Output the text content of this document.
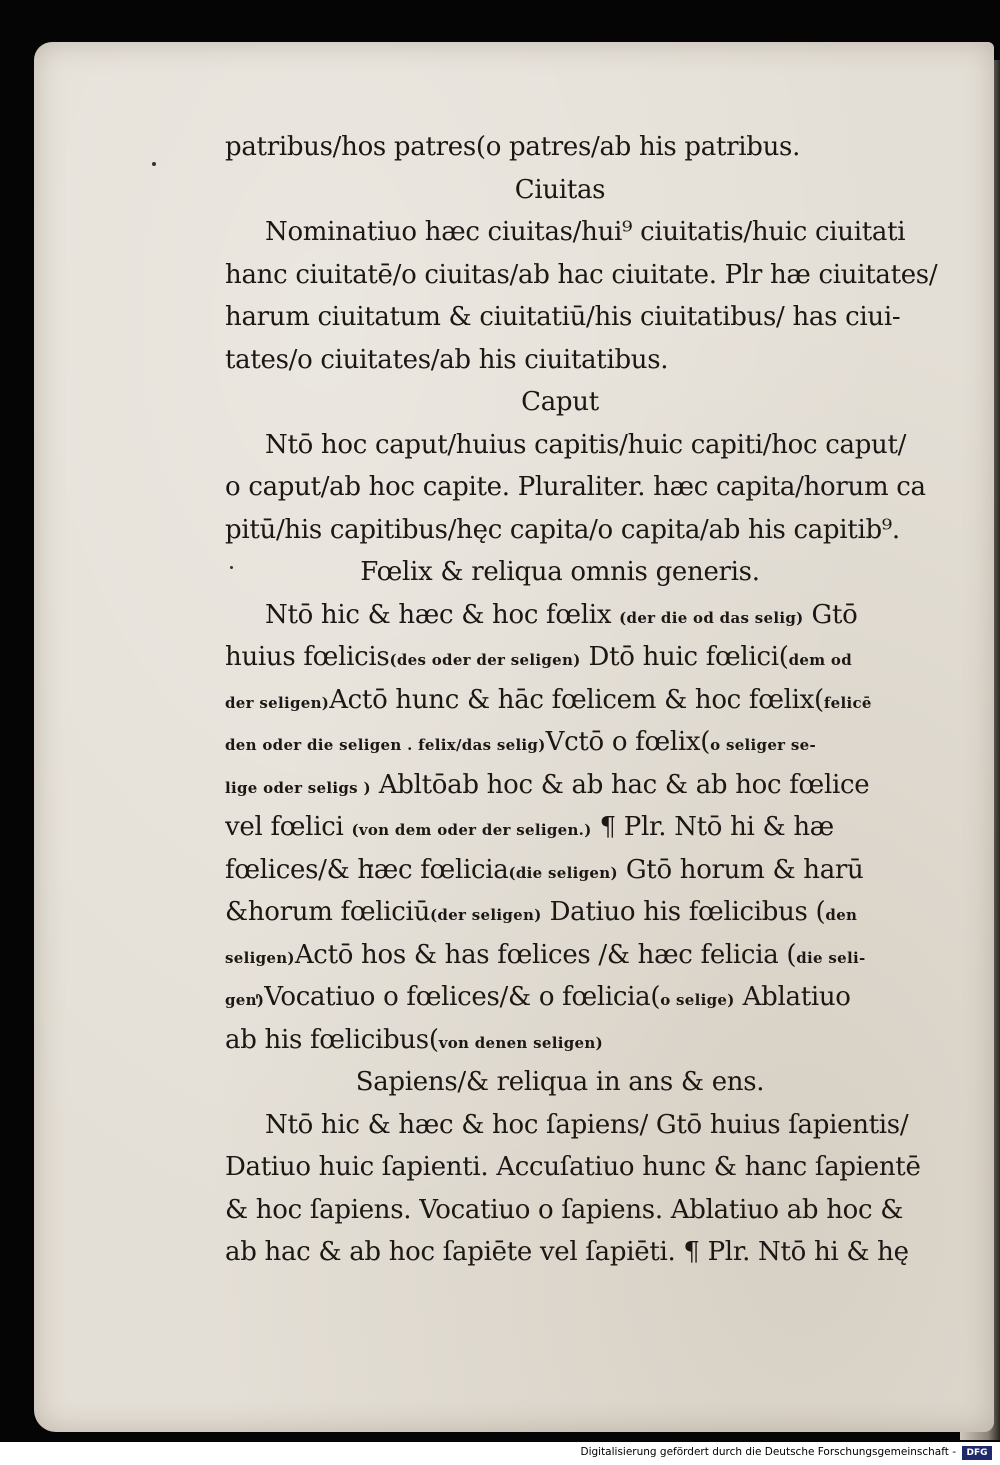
patribus/hos patres(o patres/ab his patribus.
Ciuitas
Nominatiuo hæc ciuitas/hui⁹ ciuitatis/huic ciuitati
hanc ciuitatē/o ciuitas/ab hac ciuitate. Plr hæ ciuitates/
harum ciuitatum & ciuitatiū/his ciuitatibus/ has ciui-
tates/o ciuitates/ab his ciuitatibus.
Caput
Ntō hoc caput/huius capitis/huic capiti/hoc caput/
o caput/ab hoc capite. Pluraliter. hæc capita/horum ca
pitū/his capitibus/hęc capita/o capita/ab his capitib⁹.
Fœlix & reliqua omnis generis.
Ntō hic & hæc & hoc fœlix (der die od das selig) Gtō
huius fœlicis(des oder der seligen) Dtō huic fœlici(dem od
der seligen)Actō hunc & hāc fœlicem & hoc fœlix(felicē
den oder die seligen . felix/das selig)Vctō o fœlix(o seliger se-
lige oder seligs ) Abltōab hoc & ab hac & ab hoc fœlice
vel fœlici (von dem oder der seligen.) ¶ Plr. Ntō hi & hæ
fœlices/& hæc fœlicia(die seligen) Gtō horum & harū
&horum fœliciū(der seligen) Datiuo his fœlicibus (den
seligen)Actō hos & has fœlices /& hæc felicia (die seli-
gen)Vocatiuo o fœlices/& o fœlicia(o selige) Ablatiuo
ab his fœlicibus(von denen seligen)
Sapiens/& reliqua in ans & ens.
Ntō hic & hæc & hoc ſapiens/ Gtō huius ſapientis/
Datiuo huic ſapienti. Accuſatiuo hunc & hanc ſapientē
& hoc ſapiens. Vocatiuo o ſapiens. Ablatiuo ab hoc &
ab hac & ab hoc ſapiēte vel ſapiēti. ¶ Plr. Ntō hi & hę
Digitalisierung gefördert durch die Deutsche Forschungsgemeinschaft -	DFG
